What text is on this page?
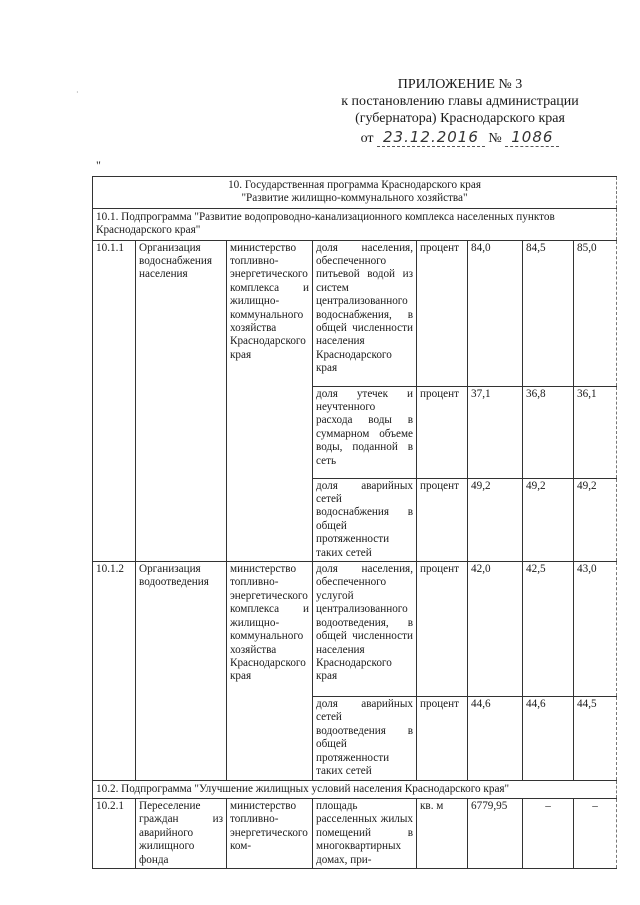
·
ПРИЛОЖЕНИЕ № 3
к постановлению главы администрации
(губернатора) Краснодарского края
от 23.12.2016 № 1086
"
10. Государственная программа Краснодарского края
"Развитие жилищно-коммунального хозяйства"							
10.1. Подпрограмма "Развитие водопроводно-канализационного комплекса населенных пунктов Краснодарского края"							
10.1.1	Организация водоснабжения населения	министерство топливно-энергетического комплекса и жилищно-коммунального хозяйства Краснодарского края	доля населения, обеспеченного питьевой водой из систем централизованного водоснабжения, в общей численности населения Краснодарского края	процент	84,0	84,5	85,0
			доля утечек и неучтенного расхода воды в суммарном объеме воды, поданной в сеть	процент	37,1	36,8	36,1
			доля аварийных сетей водоснабжения в общей протяженности таких сетей	процент	49,2	49,2	49,2
10.1.2	Организация водоотведения	министерство топливно-энергетического комплекса и жилищно-коммунального хозяйства Краснодарского края	доля населения, обеспеченного услугой централизованного водоотведения, в общей численности населения Краснодарского края	процент	42,0	42,5	43,0
			доля аварийных сетей водоотведения в общей протяженности таких сетей	процент	44,6	44,6	44,5
10.2. Подпрограмма "Улучшение жилищных условий населения Краснодарского края"							
10.2.1	Переселение граждан из аварийного жилищного фонда	министерство топливно-энергетического ком-	площадь расселенных жилых помещений в многоквартирных домах, при-	кв. м	6779,95	–	–
